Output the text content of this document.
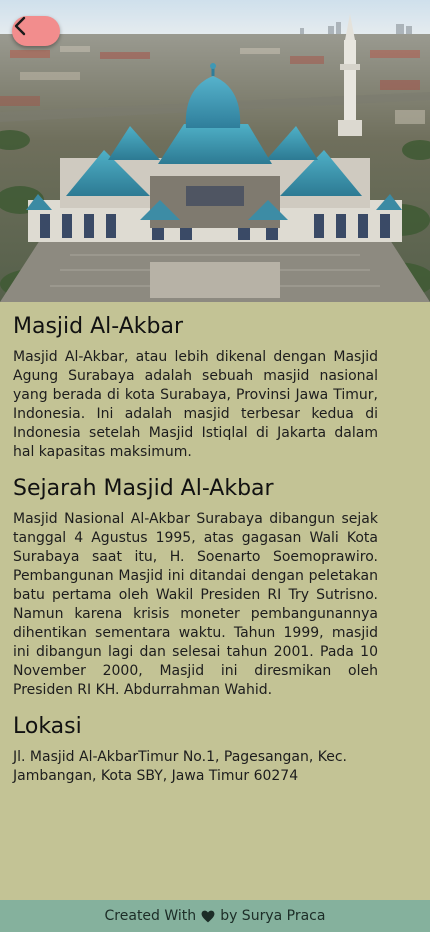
Masjid Al-Akbar

Masjid Al-Akbar, atau lebih dikenal dengan Masjid Agung Surabaya adalah sebuah masjid nasional yang berada di kota Surabaya, Provinsi Jawa Timur, Indonesia. Ini adalah masjid terbesar kedua di Indonesia setelah Masjid Istiqlal di Jakarta dalam hal kapasitas maksimum.

Sejarah Masjid Al-Akbar

Masjid Nasional Al-Akbar Surabaya dibangun sejak tanggal 4 Agustus 1995, atas gagasan Wali Kota Surabaya saat itu, H. Soenarto Soemoprawiro. Pembangunan Masjid ini ditandai dengan peletakan batu pertama oleh Wakil Presiden RI Try Sutrisno. Namun karena krisis moneter pembangunannya dihentikan sementara waktu. Tahun 1999, masjid ini dibangun lagi dan selesai tahun 2001. Pada 10 November 2000, Masjid ini diresmikan oleh Presiden RI KH. Abdurrahman Wahid.

Lokasi

Jl. Masjid Al-AkbarTimur No.1, Pagesangan, Kec. Jambangan, Kota SBY, Jawa Timur 60274

Created With by Surya Praca
